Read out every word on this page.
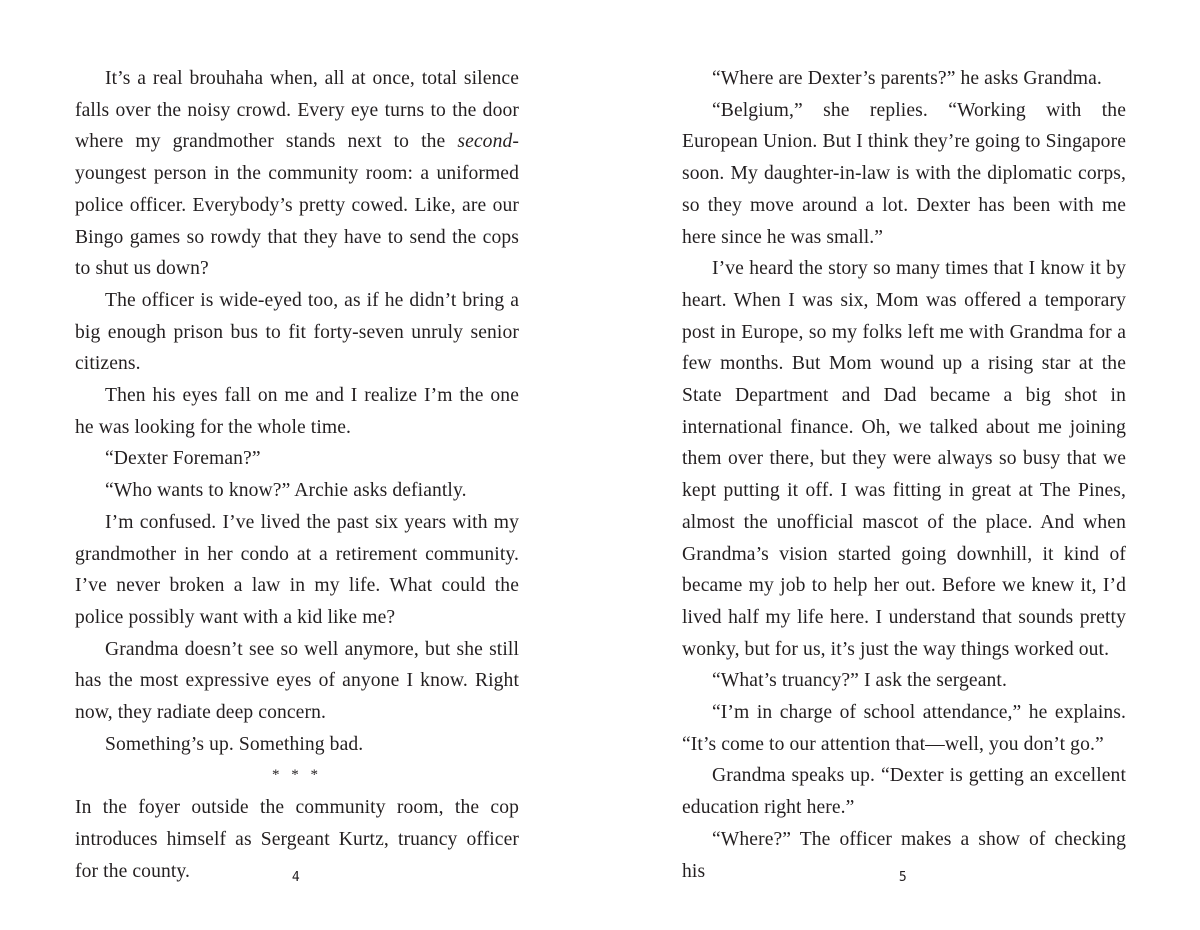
It’s a real brouhaha when, all at once, total silence falls over the noisy crowd. Every eye turns to the door where my grandmother stands next to the second-youngest person in the community room: a uniformed police officer. Everybody’s pretty cowed. Like, are our Bingo games so rowdy that they have to send the cops to shut us down?

The officer is wide-eyed too, as if he didn’t bring a big enough prison bus to fit forty-seven unruly senior citizens.

Then his eyes fall on me and I realize I’m the one he was looking for the whole time.

“Dexter Foreman?”

“Who wants to know?” Archie asks defiantly.

I’m confused. I’ve lived the past six years with my grandmother in her condo at a retirement community. I’ve never broken a law in my life. What could the police possibly want with a kid like me?

Grandma doesn’t see so well anymore, but she still has the most expressive eyes of anyone I know. Right now, they radiate deep concern.

Something’s up. Something bad.

* * *

In the foyer outside the community room, the cop introduces himself as Sergeant Kurtz, truancy officer for the county.	4

“Where are Dexter’s parents?” he asks Grandma.

“Belgium,” she replies. “Working with the European Union. But I think they’re going to Singapore soon. My daughter-in-law is with the diplomatic corps, so they move around a lot. Dexter has been with me here since he was small.”

I’ve heard the story so many times that I know it by heart. When I was six, Mom was offered a temporary post in Europe, so my folks left me with Grandma for a few months. But Mom wound up a rising star at the State Department and Dad became a big shot in international finance. Oh, we talked about me joining them over there, but they were always so busy that we kept putting it off. I was fitting in great at The Pines, almost the unofficial mascot of the place. And when Grandma’s vision started going downhill, it kind of became my job to help her out. Before we knew it, I’d lived half my life here. I understand that sounds pretty wonky, but for us, it’s just the way things worked out.

“What’s truancy?” I ask the sergeant.

“I’m in charge of school attendance,” he explains. “It’s come to our attention that—well, you don’t go.”

Grandma speaks up. “Dexter is getting an excellent education right here.”

“Where?” The officer makes a show of checking his	5
